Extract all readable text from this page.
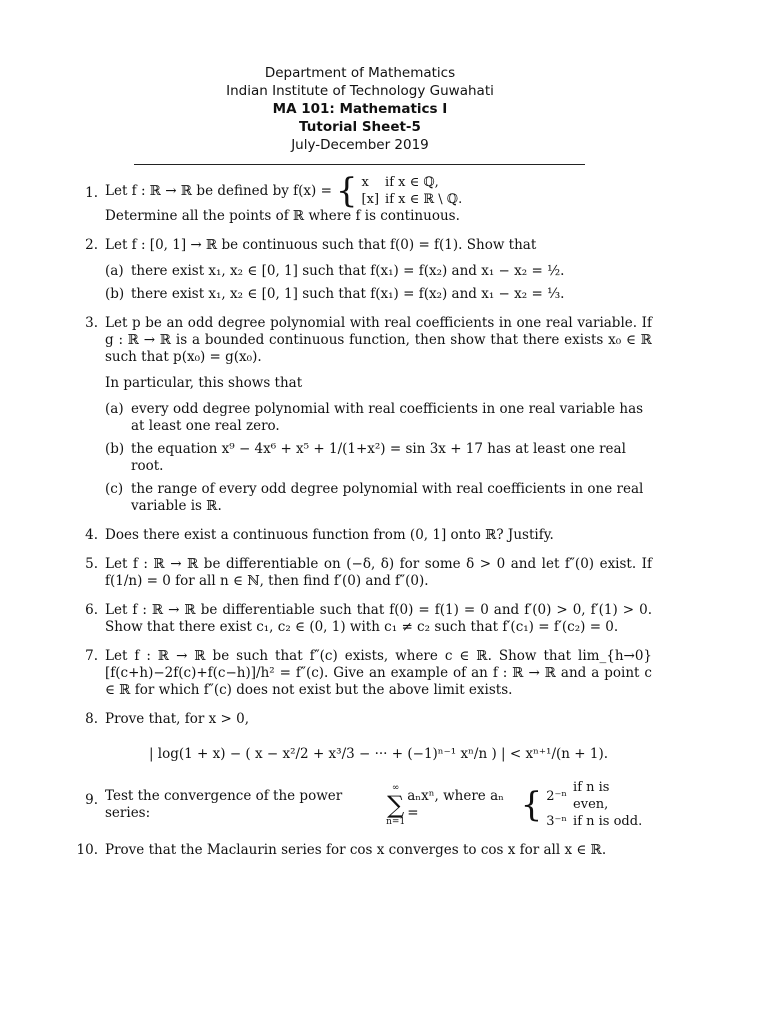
Department of Mathematics
Indian Institute of Technology Guwahati
MA 101: Mathematics I
Tutorial Sheet-5
July-December 2019
1. Let f : ℝ → ℝ be defined by f(x) = { x	if x ∈ ℚ,
[x]	if x ∈ ℝ \ ℚ.

Determine all the points of ℝ where f is continuous.

2. Let f : [0, 1] → ℝ be continuous such that f(0) = f(1). Show that

(a) there exist x₁, x₂ ∈ [0, 1] such that f(x₁) = f(x₂) and x₁ − x₂ = ½.
(b) there exist x₁, x₂ ∈ [0, 1] such that f(x₁) = f(x₂) and x₁ − x₂ = ⅓.
3. Let p be an odd degree polynomial with real coefficients in one real variable. If g : ℝ → ℝ is a bounded continuous function, then show that there exists x₀ ∈ ℝ such that p(x₀) = g(x₀).

In particular, this shows that

(a) every odd degree polynomial with real coefficients in one real variable has at least one real zero.
(b) the equation x⁹ − 4x⁶ + x⁵ + 1/(1+x²) = sin 3x + 17 has at least one real root.
(c) the range of every odd degree polynomial with real coefficients in one real variable is ℝ.
4. Does there exist a continuous function from (0, 1] onto ℝ? Justify.

5. Let f : ℝ → ℝ be differentiable on (−δ, δ) for some δ > 0 and let f″(0) exist. If f(1/n) = 0 for all n ∈ ℕ, then find f′(0) and f″(0).

6. Let f : ℝ → ℝ be differentiable such that f(0) = f(1) = 0 and f′(0) > 0, f′(1) > 0. Show that there exist c₁, c₂ ∈ (0, 1) with c₁ ≠ c₂ such that f′(c₁) = f′(c₂) = 0.

7. Let f : ℝ → ℝ be such that f″(c) exists, where c ∈ ℝ. Show that lim_{h→0} [f(c+h)−2f(c)+f(c−h)]/h² = f″(c). Give an example of an f : ℝ → ℝ and a point c ∈ ℝ for which f″(c) does not exist but the above limit exists.

8. Prove that, for x > 0,

| log(1 + x) − ( x − x²/2 + x³/3 − ··· + (−1)ⁿ⁻¹ xⁿ/n ) | < xⁿ⁺¹/(n + 1).

9. Test the convergence of the power series:
∞
∑
n=1
aₙxⁿ, where aₙ =	{ 2⁻ⁿ	if n is even,
3⁻ⁿ	if n is odd.
10. Prove that the Maclaurin series for cos x converges to cos x for all x ∈ ℝ.
